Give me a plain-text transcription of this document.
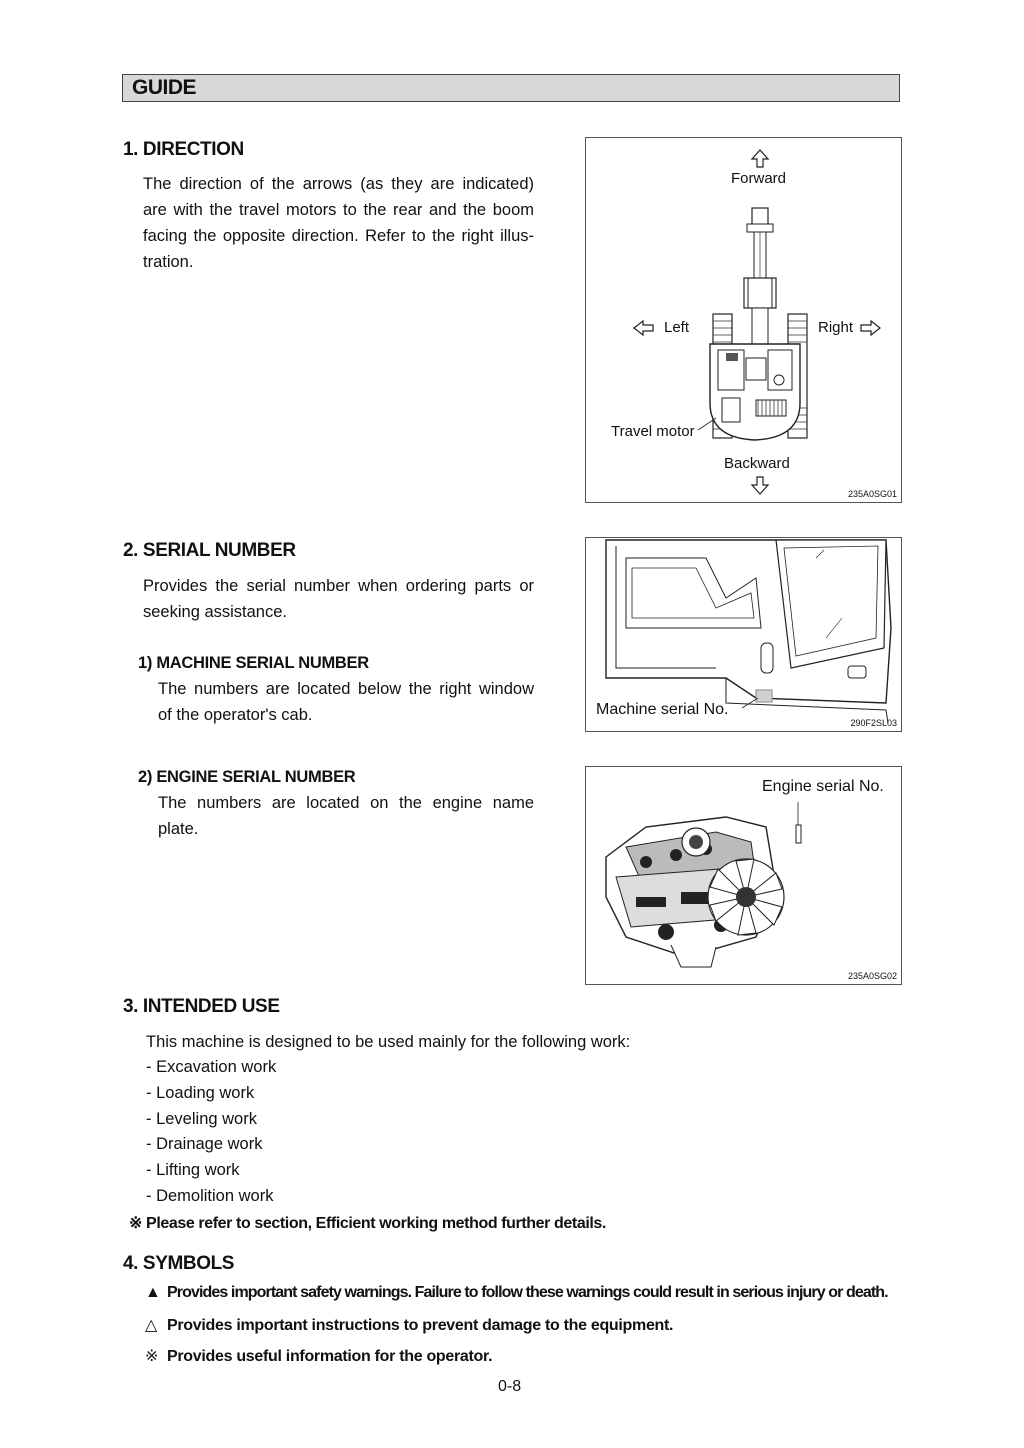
GUIDE
1. DIRECTION

The direction of the arrows (as they are indicated)

are with the travel motors to the rear and the boom

facing the opposite direction. Refer to the right illus-

tration.

Forward
Left	Right
Travel motor
Backward
235A0SG01
2. SERIAL NUMBER

Provides the serial number when ordering parts or

seeking assistance.

1) MACHINE SERIAL NUMBER

The numbers are located below the right window

of the operator's cab.	Machine serial No.
290F2SL03
2) ENGINE SERIAL NUMBER

The numbers are located on the engine name

plate.

Engine serial No.
235A0SG02
3. INTENDED USE
This machine is designed to be used mainly for the following work:
- Excavation work
- Loading work
- Leveling work
- Drainage work
- Lifting work
- Demolition work
※ Please refer to section, Efficient working method further details.
4. SYMBOLS
▲ Provides important safety warnings. Failure to follow these warnings could result in serious injury or death.
△ Provides important instructions to prevent damage to the equipment.
※ Provides useful information for the operator.
0-8
